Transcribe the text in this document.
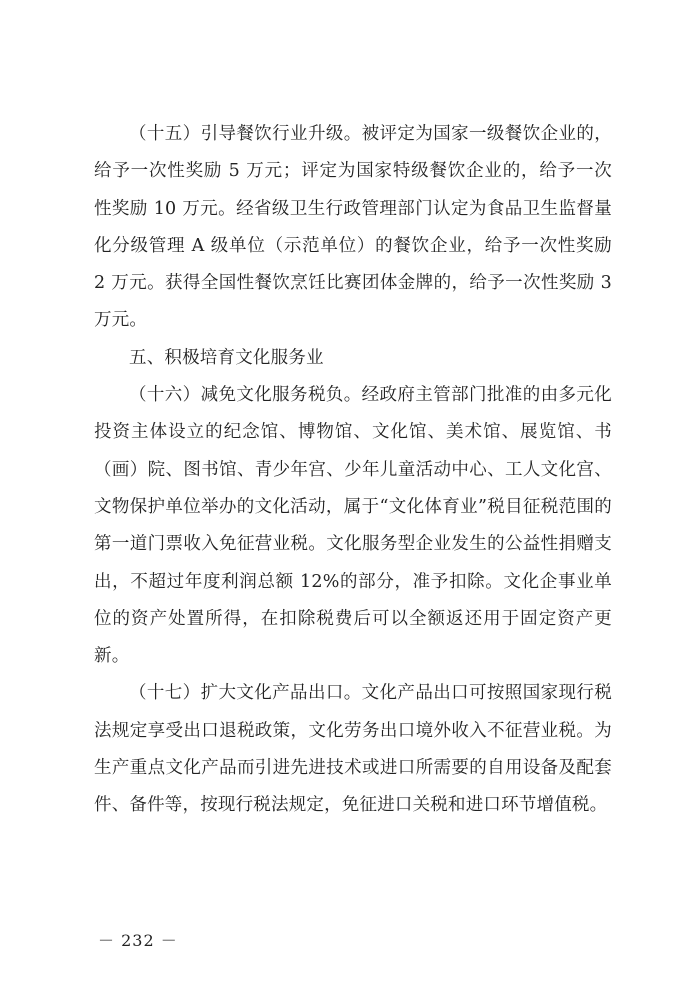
（十五）引导餐饮行业升级。被评定为国家一级餐饮企业的，给予一次性奖励 5 万元；评定为国家特级餐饮企业的，给予一次性奖励 10 万元。经省级卫生行政管理部门认定为食品卫生监督量化分级管理 A 级单位（示范单位）的餐饮企业，给予一次性奖励 2 万元。获得全国性餐饮烹饪比赛团体金牌的，给予一次性奖励 3 万元。

五、积极培育文化服务业

（十六）减免文化服务税负。经政府主管部门批准的由多元化投资主体设立的纪念馆、博物馆、文化馆、美术馆、展览馆、书（画）院、图书馆、青少年宫、少年儿童活动中心、工人文化宫、文物保护单位举办的文化活动，属于“文化体育业”税目征税范围的第一道门票收入免征营业税。文化服务型企业发生的公益性捐赠支出，不超过年度利润总额 12%的部分，准予扣除。文化企事业单位的资产处置所得，在扣除税费后可以全额返还用于固定资产更新。

（十七）扩大文化产品出口。文化产品出口可按照国家现行税法规定享受出口退税政策，文化劳务出口境外收入不征营业税。为生产重点文化产品而引进先进技术或进口所需要的自用设备及配套件、备件等，按现行税法规定，免征进口关税和进口环节增值税。

－ 232 －
